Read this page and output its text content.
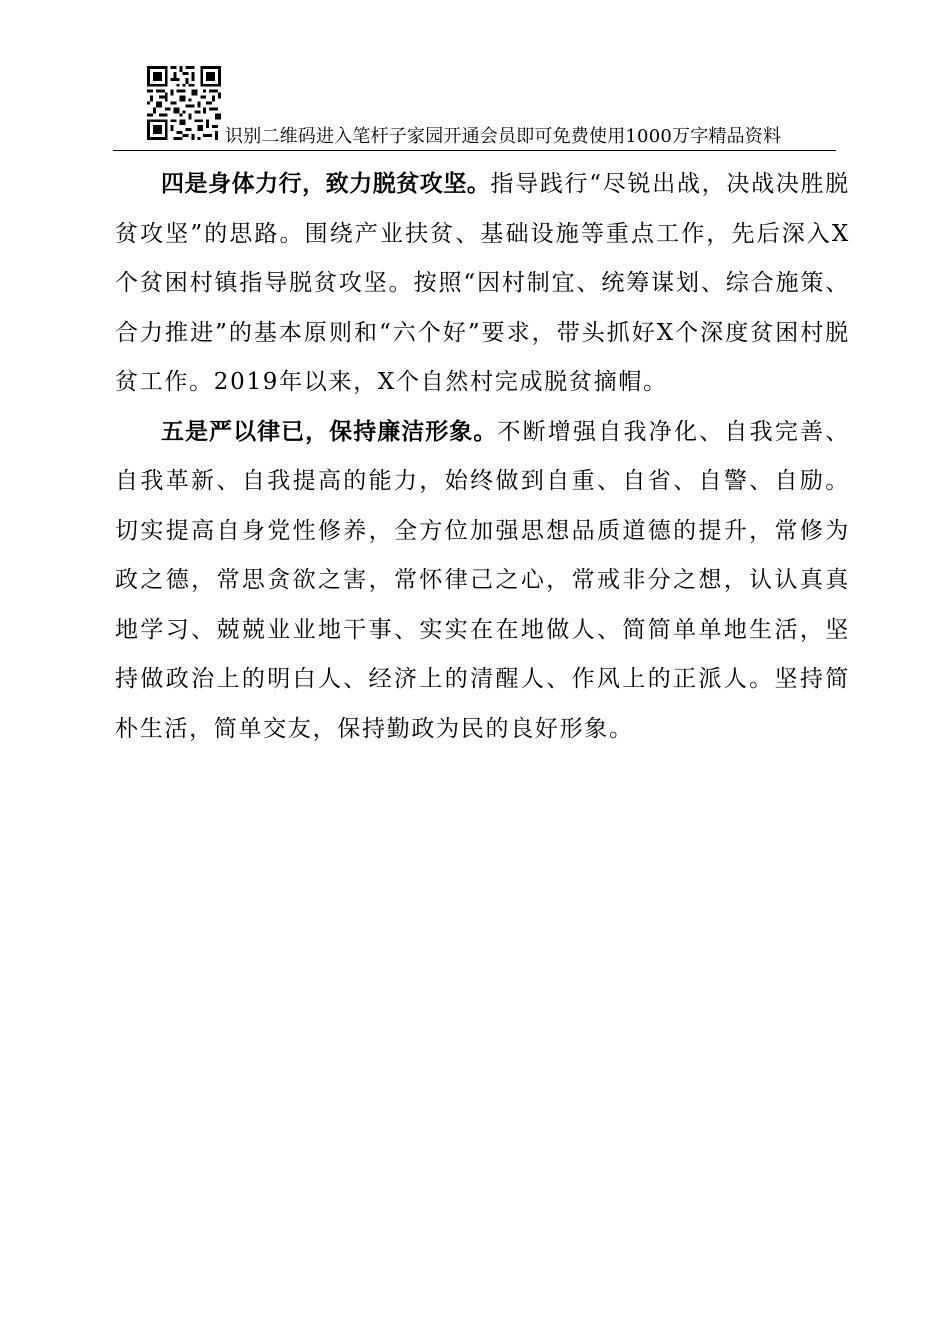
识别二维码进入笔杆子家园开通会员即可免费使用1000万字精品资料

四是身体力行，致力脱贫攻坚。指导践行“尽锐出战，决战决胜脱贫攻坚”的思路。围绕产业扶贫、基础设施等重点工作，先后深入X个贫困村镇指导脱贫攻坚。按照“因村制宜、统筹谋划、综合施策、合力推进”的基本原则和“六个好”要求，带头抓好X个深度贫困村脱贫工作。2019年以来，X个自然村完成脱贫摘帽。

五是严以律已，保持廉洁形象。不断增强自我净化、自我完善、自我革新、自我提高的能力，始终做到自重、自省、自警、自励。切实提高自身党性修养，全方位加强思想品质道德的提升，常修为政之德，常思贪欲之害，常怀律己之心，常戒非分之想，认认真真地学习、兢兢业业地干事、实实在在地做人、简简单单地生活，坚持做政治上的明白人、经济上的清醒人、作风上的正派人。坚持简朴生活，简单交友，保持勤政为民的良好形象。
